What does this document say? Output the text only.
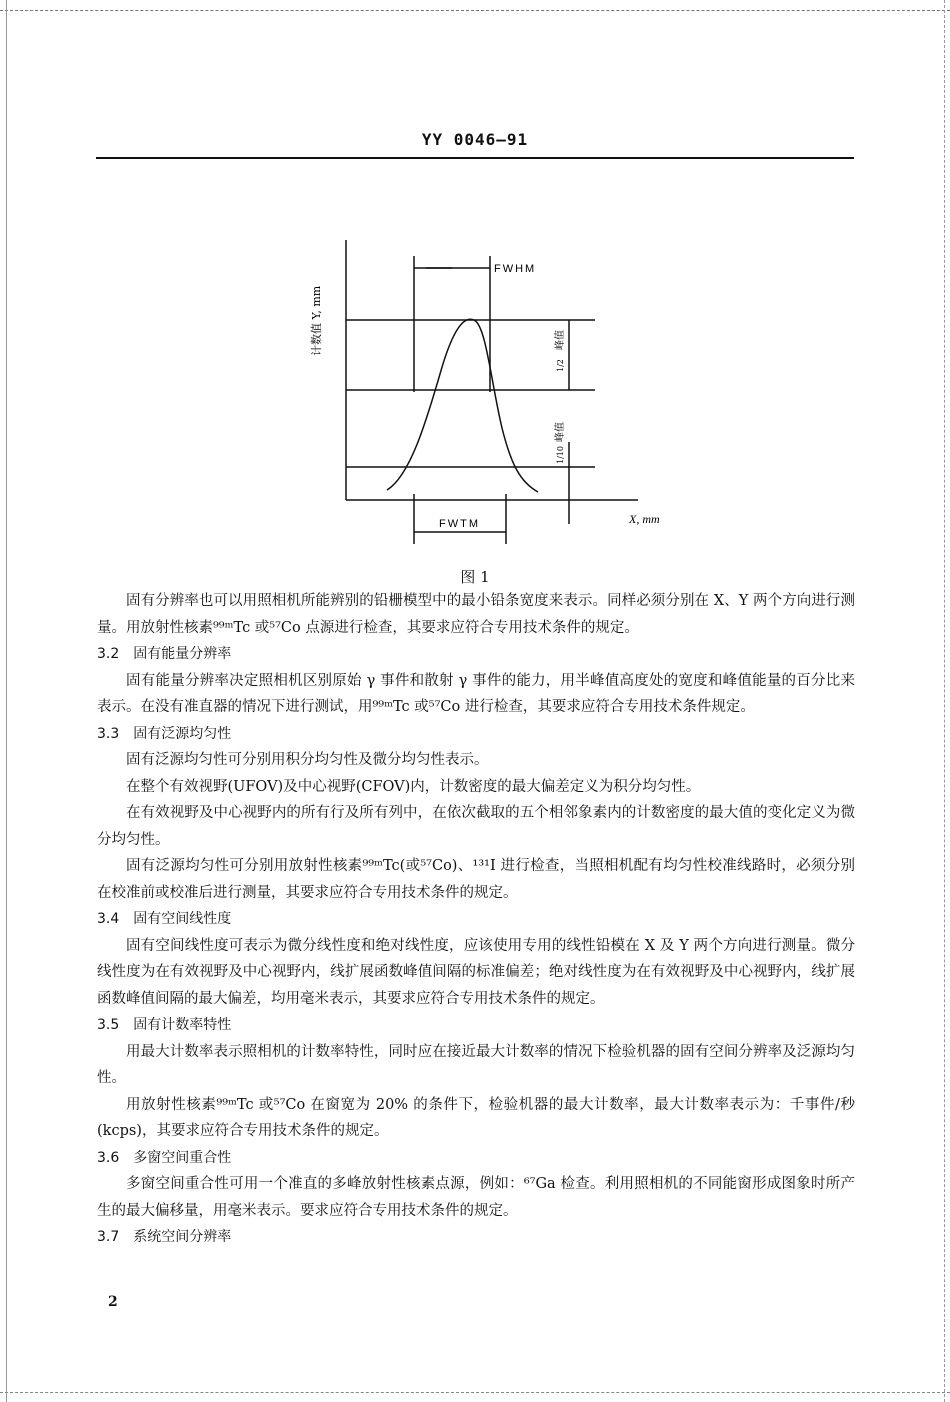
YY 0046—91
FWHM
FWTM	X, mm
计数值 Y, mm
1/2
峰值
1/10
峰值
图 1

固有分辨率也可以用照相机所能辨别的铅栅模型中的最小铅条宽度来表示。同样必须分别在 X、Y 两个方向进行测量。用放射性核素⁹⁹ᵐTc 或⁵⁷Co 点源进行检查，其要求应符合专用技术条件的规定。

3.2　固有能量分辨率

固有能量分辨率决定照相机区别原始 γ 事件和散射 γ 事件的能力，用半峰值高度处的宽度和峰值能量的百分比来表示。在没有准直器的情况下进行测试，用⁹⁹ᵐTc 或⁵⁷Co 进行检查，其要求应符合专用技术条件规定。

3.3　固有泛源均匀性

固有泛源均匀性可分别用积分均匀性及微分均匀性表示。

在整个有效视野(UFOV)及中心视野(CFOV)内，计数密度的最大偏差定义为积分均匀性。

在有效视野及中心视野内的所有行及所有列中，在依次截取的五个相邻象素内的计数密度的最大值的变化定义为微分均匀性。

固有泛源均匀性可分别用放射性核素⁹⁹ᵐTc(或⁵⁷Co)、¹³¹I 进行检查，当照相机配有均匀性校准线路时，必须分别在校准前或校准后进行测量，其要求应符合专用技术条件的规定。

3.4　固有空间线性度

固有空间线性度可表示为微分线性度和绝对线性度，应该使用专用的线性铅模在 X 及 Y 两个方向进行测量。微分线性度为在有效视野及中心视野内，线扩展函数峰值间隔的标准偏差；绝对线性度为在有效视野及中心视野内，线扩展函数峰值间隔的最大偏差，均用毫米表示，其要求应符合专用技术条件的规定。

3.5　固有计数率特性

用最大计数率表示照相机的计数率特性，同时应在接近最大计数率的情况下检验机器的固有空间分辨率及泛源均匀性。

用放射性核素⁹⁹ᵐTc 或⁵⁷Co 在窗宽为 20% 的条件下，检验机器的最大计数率，最大计数率表示为：千事件/秒(kcps)，其要求应符合专用技术条件的规定。

3.6　多窗空间重合性

多窗空间重合性可用一个准直的多峰放射性核素点源，例如：⁶⁷Ga 检查。利用照相机的不同能窗形成图象时所产生的最大偏移量，用毫米表示。要求应符合专用技术条件的规定。

3.7　系统空间分辨率

2
